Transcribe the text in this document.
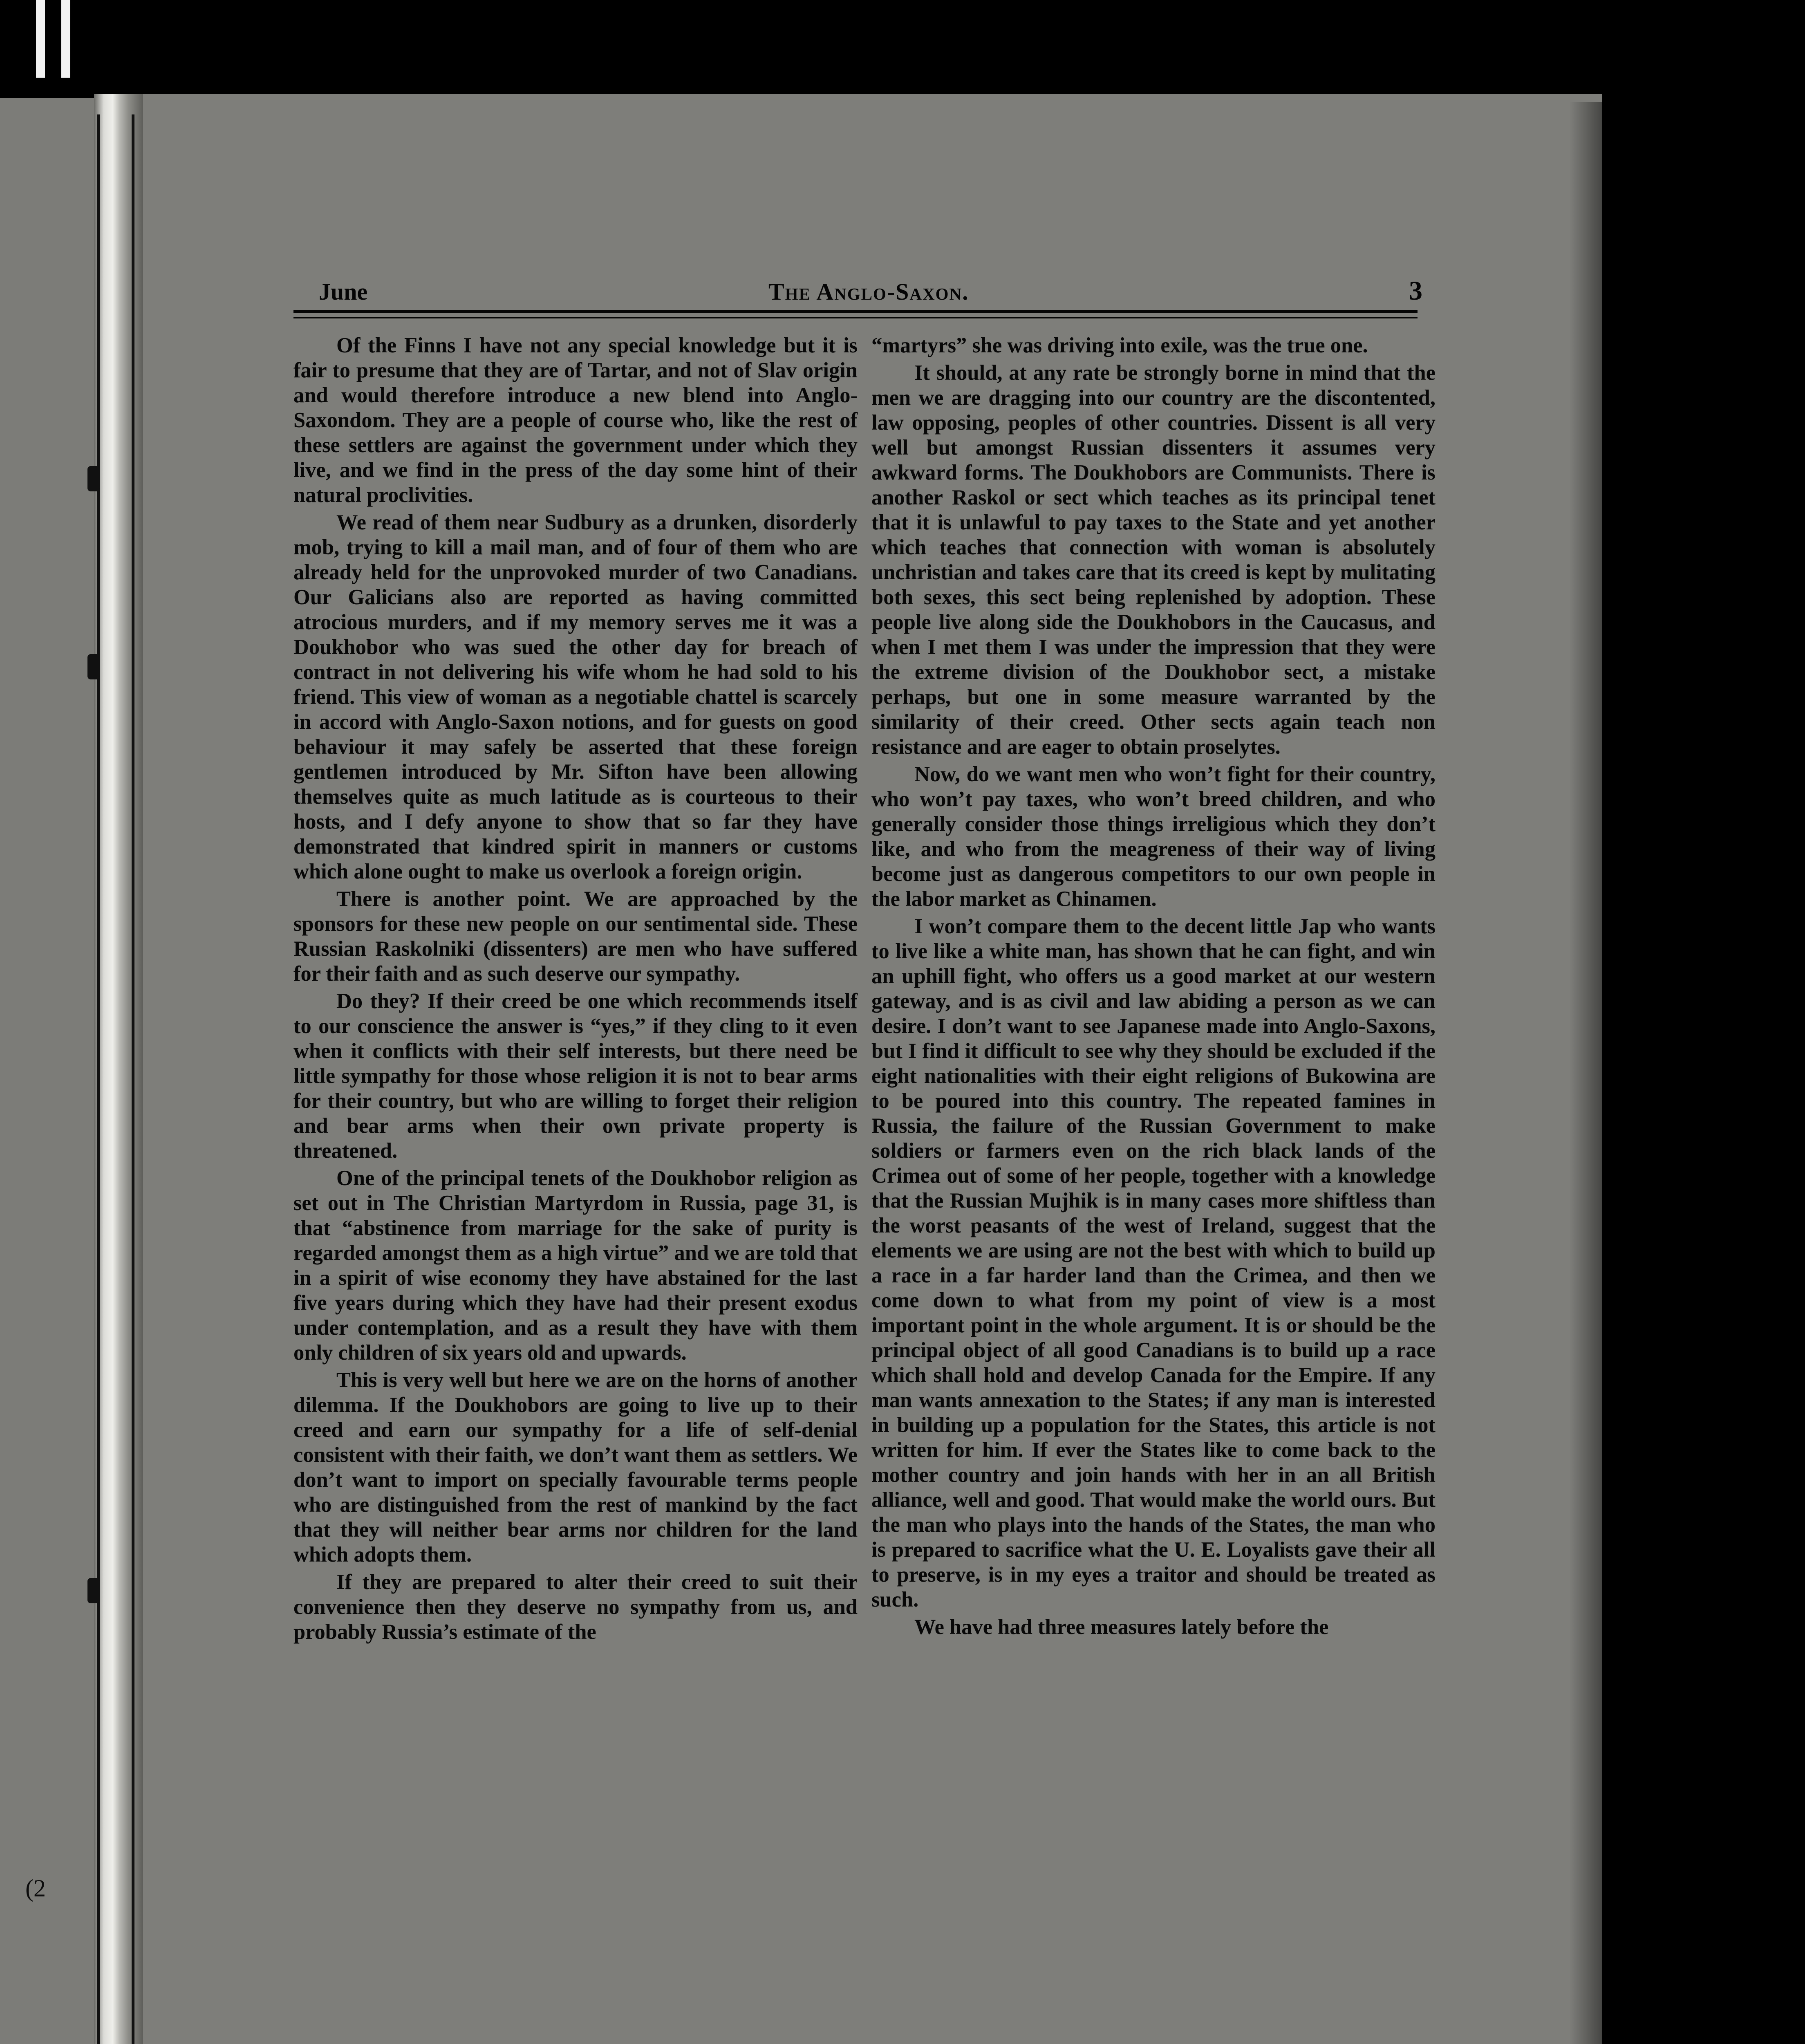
(2
June	The Anglo-Saxon.	3

Of the Finns I have not any special knowledge but it is fair to presume that they are of Tartar, and not of Slav origin and would therefore introduce a new blend into Anglo-Saxondom. They are a people of course who, like the rest of these settlers are against the government under which they live, and we find in the press of the day some hint of their natural proclivities.

We read of them near Sudbury as a drunken, disorderly mob, trying to kill a mail man, and of four of them who are already held for the unprovoked murder of two Canadians. Our Galicians also are reported as having committed atrocious murders, and if my memory serves me it was a Doukhobor who was sued the other day for breach of contract in not delivering his wife whom he had sold to his friend. This view of woman as a negotiable chattel is scarcely in accord with Anglo-Saxon notions, and for guests on good behaviour it may safely be asserted that these foreign gentlemen introduced by Mr. Sifton have been allowing themselves quite as much latitude as is courteous to their hosts, and I defy anyone to show that so far they have demonstrated that kindred spirit in manners or customs which alone ought to make us overlook a foreign origin.

There is another point. We are approached by the sponsors for these new people on our sentimental side. These Russian Raskolniki (dissenters) are men who have suffered for their faith and as such deserve our sympathy.

Do they? If their creed be one which recommends itself to our conscience the answer is “yes,” if they cling to it even when it conflicts with their self interests, but there need be little sympathy for those whose religion it is not to bear arms for their country, but who are willing to forget their religion and bear arms when their own private property is threatened.

One of the principal tenets of the Doukhobor religion as set out in The Christian Martyrdom in Russia, page 31, is that “abstinence from marriage for the sake of purity is regarded amongst them as a high virtue” and we are told that in a spirit of wise economy they have abstained for the last five years during which they have had their present exodus under contemplation, and as a result they have with them only children of six years old and upwards.

This is very well but here we are on the horns of another dilemma. If the Doukhobors are going to live up to their creed and earn our sympathy for a life of self-denial consistent with their faith, we don’t want them as settlers. We don’t want to import on specially favourable terms people who are distinguished from the rest of mankind by the fact that they will neither bear arms nor children for the land which adopts them.

If they are prepared to alter their creed to suit their convenience then they deserve no sympathy from us, and probably Russia’s estimate of the

“martyrs” she was driving into exile, was the true one.

It should, at any rate be strongly borne in mind that the men we are dragging into our country are the discontented, law opposing, peoples of other countries. Dissent is all very well but amongst Russian dissenters it assumes very awkward forms. The Doukhobors are Communists. There is another Raskol or sect which teaches as its principal tenet that it is unlawful to pay taxes to the State and yet another which teaches that connection with woman is absolutely unchristian and takes care that its creed is kept by mulitating both sexes, this sect being replenished by adoption. These people live along side the Doukhobors in the Caucasus, and when I met them I was under the impression that they were the extreme division of the Doukhobor sect, a mistake perhaps, but one in some measure warranted by the similarity of their creed. Other sects again teach non resistance and are eager to obtain proselytes.

Now, do we want men who won’t fight for their country, who won’t pay taxes, who won’t breed children, and who generally consider those things irreligious which they don’t like, and who from the meagreness of their way of living become just as dangerous competitors to our own people in the labor market as Chinamen.

I won’t compare them to the decent little Jap who wants to live like a white man, has shown that he can fight, and win an uphill fight, who offers us a good market at our western gateway, and is as civil and law abiding a person as we can desire. I don’t want to see Japanese made into Anglo-Saxons, but I find it difficult to see why they should be excluded if the eight nationalities with their eight religions of Bukowina are to be poured into this country. The repeated famines in Russia, the failure of the Russian Government to make soldiers or farmers even on the rich black lands of the Crimea out of some of her people, together with a knowledge that the Russian Mujhik is in many cases more shiftless than the worst peasants of the west of Ireland, suggest that the elements we are using are not the best with which to build up a race in a far harder land than the Crimea, and then we come down to what from my point of view is a most important point in the whole argument. It is or should be the principal object of all good Canadians is to build up a race which shall hold and develop Canada for the Empire. If any man wants annexation to the States; if any man is interested in building up a population for the States, this article is not written for him. If ever the States like to come back to the mother country and join hands with her in an all British alliance, well and good. That would make the world ours. But the man who plays into the hands of the States, the man who is prepared to sacrifice what the U. E. Loyalists gave their all to preserve, is in my eyes a traitor and should be treated as such.

We have had three measures lately before the
